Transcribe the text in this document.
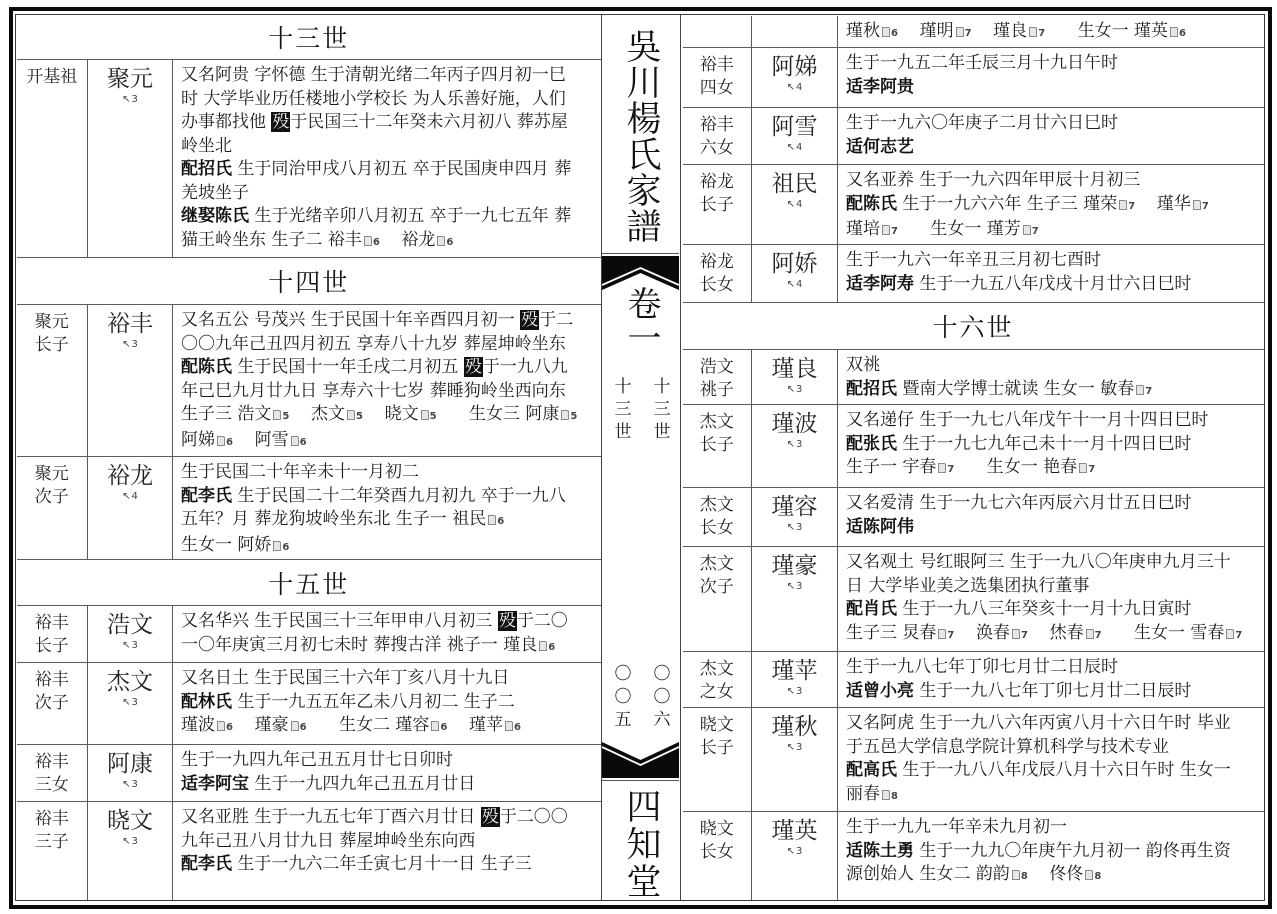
十三世
开基祖	聚元
↖3
又名阿贵 字怀德 生于清朝光绪二年丙子四月初一巳
时 大学毕业历任楼地小学校长 为人乐善好施，人们
办事都找他 殁于民国三十二年癸未六月初八 葬苏屋
岭坐北
配招氏 生于同治甲戌八月初五 卒于民国庚申四月 葬
羌坡坐子
继娶陈氏 生于光绪辛卯八月初五 卒于一九七五年 葬
猫王岭坐东 生子二 裕丰 6    裕龙 6
十四世
聚元
长子
裕丰
↖3
又名五公 号茂兴 生于民国十年辛酉四月初一 殁于二
〇〇九年己丑四月初五 享寿八十九岁 葬屋坤岭坐东
配陈氏 生于民国十一年壬戌二月初五 殁于一九八九
年己巳九月廿九日 享寿六十七岁 葬睡狗岭坐西向东
生子三 浩文 5    杰文 5    晓文 5      生女三 阿康 5
阿娣 6    阿雪 6
聚元
次子
裕龙
↖4
生于民国二十年辛未十一月初二
配李氏 生于民国二十二年癸酉九月初九 卒于一九八
五年？月 葬龙狗坡岭坐东北 生子一 祖民 6
生女一 阿娇 6
十五世
裕丰
长子
浩文
↖3
又名华兴 生于民国三十三年甲申八月初三 殁于二〇
一〇年庚寅三月初七未时 葬搜古洋 祧子一 瑾良 6
裕丰
次子
杰文
↖3
又名日土 生于民国三十六年丁亥八月十九日
配林氏 生于一九五五年乙未八月初二 生子二
瑾波 6    瑾豪 6      生女二 瑾容 6    瑾苹 6
裕丰
三女
阿康
↖3
生于一九四九年己丑五月廿七日卯时
适李阿宝 生于一九四九年己丑五月廿日
裕丰
三子
晓文
↖3
又名亚胜 生于一九五七年丁酉六月廿日 殁于二〇〇
九年己丑八月廿九日 葬屋坤岭坐东向西
配李氏 生于一九六二年壬寅七月十一日 生子三
吳川楊氏家譜
卷一
十三世 十三世
〇〇五 〇〇六
四知堂
瑾秋 6    瑾明 7    瑾良 7      生女一 瑾英 6
裕丰
四女
阿娣
↖4
生于一九五二年壬辰三月十九日午时
适李阿贵
裕丰
六女
阿雪
↖4
生于一九六〇年庚子二月廿六日巳时
适何志艺
裕龙
长子
祖民
↖4
又名亚养 生于一九六四年甲辰十月初三
配陈氏 生于一九六六年 生子三 瑾荣 7    瑾华 7
瑾培 7      生女一 瑾芳 7
裕龙
长女
阿娇
↖4
生于一九六一年辛丑三月初七酉时
适李阿寿 生于一九五八年戊戌十月廿六日巳时
十六世
浩文
祧子
瑾良
↖3
双祧
配招氏 暨南大学博士就读 生女一 敏春 7
杰文
长子
瑾波
↖3
又名递仔 生于一九七八年戊午十一月十四日巳时
配张氏 生于一九七九年己未十一月十四日巳时
生子一 宇春 7      生女一 艳春 7
杰文
长女
瑾容
↖3
又名爱清 生于一九七六年丙辰六月廿五日巳时
适陈阿伟
杰文
次子
瑾豪
↖3
又名观土 号红眼阿三 生于一九八〇年庚申九月三十
日 大学毕业美之选集团执行董事
配肖氏 生于一九八三年癸亥十一月十九日寅时
生子三 炅春 7    涣春 7    烋春 7      生女一 雪春 7
杰文
之女
瑾苹
↖3
生于一九八七年丁卯七月廿二日辰时
适曾小亮 生于一九八七年丁卯七月廿二日辰时
晓文
长子
瑾秋
↖3
又名阿虎 生于一九八六年丙寅八月十六日午时 毕业
于五邑大学信息学院计算机科学与技术专业
配高氏 生于一九八八年戊辰八月十六日午时 生女一
丽春 8
晓文
长女
瑾英
↖3
生于一九九一年辛未九月初一
适陈土勇 生于一九九〇年庚午九月初一 韵佟再生资
源创始人 生女二 韵韵 8    佟佟 8
